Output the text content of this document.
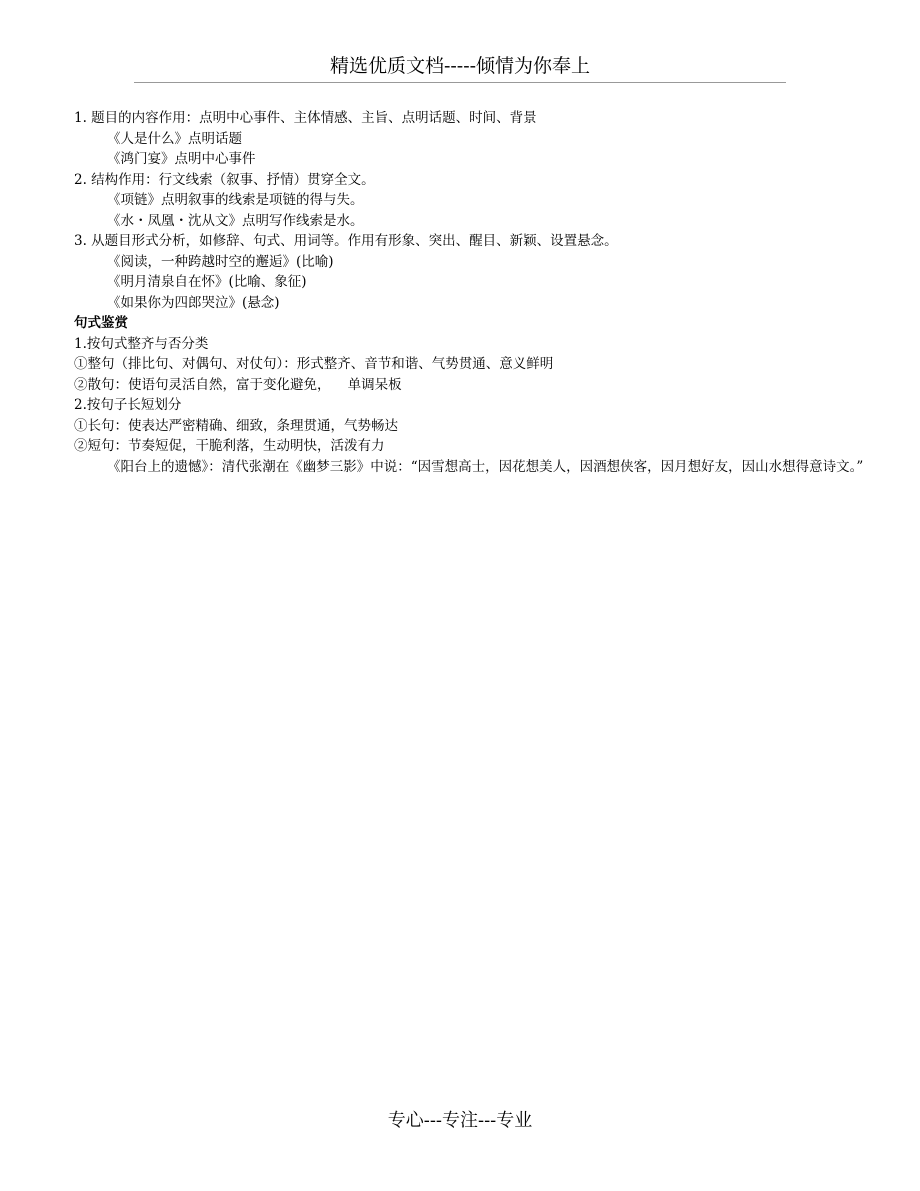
精选优质文档-----倾情为你奉上
1. 题目的内容作用：点明中心事件、主体情感、主旨、点明话题、时间、背景
《人是什么》点明话题
《鸿门宴》点明中心事件
2. 结构作用：行文线索（叙事、抒情）贯穿全文。
《项链》点明叙事的线索是项链的得与失。
《水・凤凰・沈从文》点明写作线索是水。
3. 从题目形式分析，如修辞、句式、用词等。作用有形象、突出、醒目、新颖、设置悬念。
《阅读，一种跨越时空的邂逅》(比喻)
《明月清泉自在怀》(比喻、象征)
《如果你为四郎哭泣》(悬念)
句式鉴赏
1.按句式整齐与否分类
①整句（排比句、对偶句、对仗句）：形式整齐、音节和谐、气势贯通、意义鲜明
②散句：使语句灵活自然，富于变化避免，    单调呆板
2.按句子长短划分
①长句：使表达严密精确、细致，条理贯通，气势畅达
②短句：节奏短促，干脆利落，生动明快，活泼有力
《阳台上的遗憾》：清代张潮在《幽梦三影》中说：“因雪想高士，因花想美人，因酒想侠客，因月想好友，因山水想得意诗文。”
专心---专注---专业
